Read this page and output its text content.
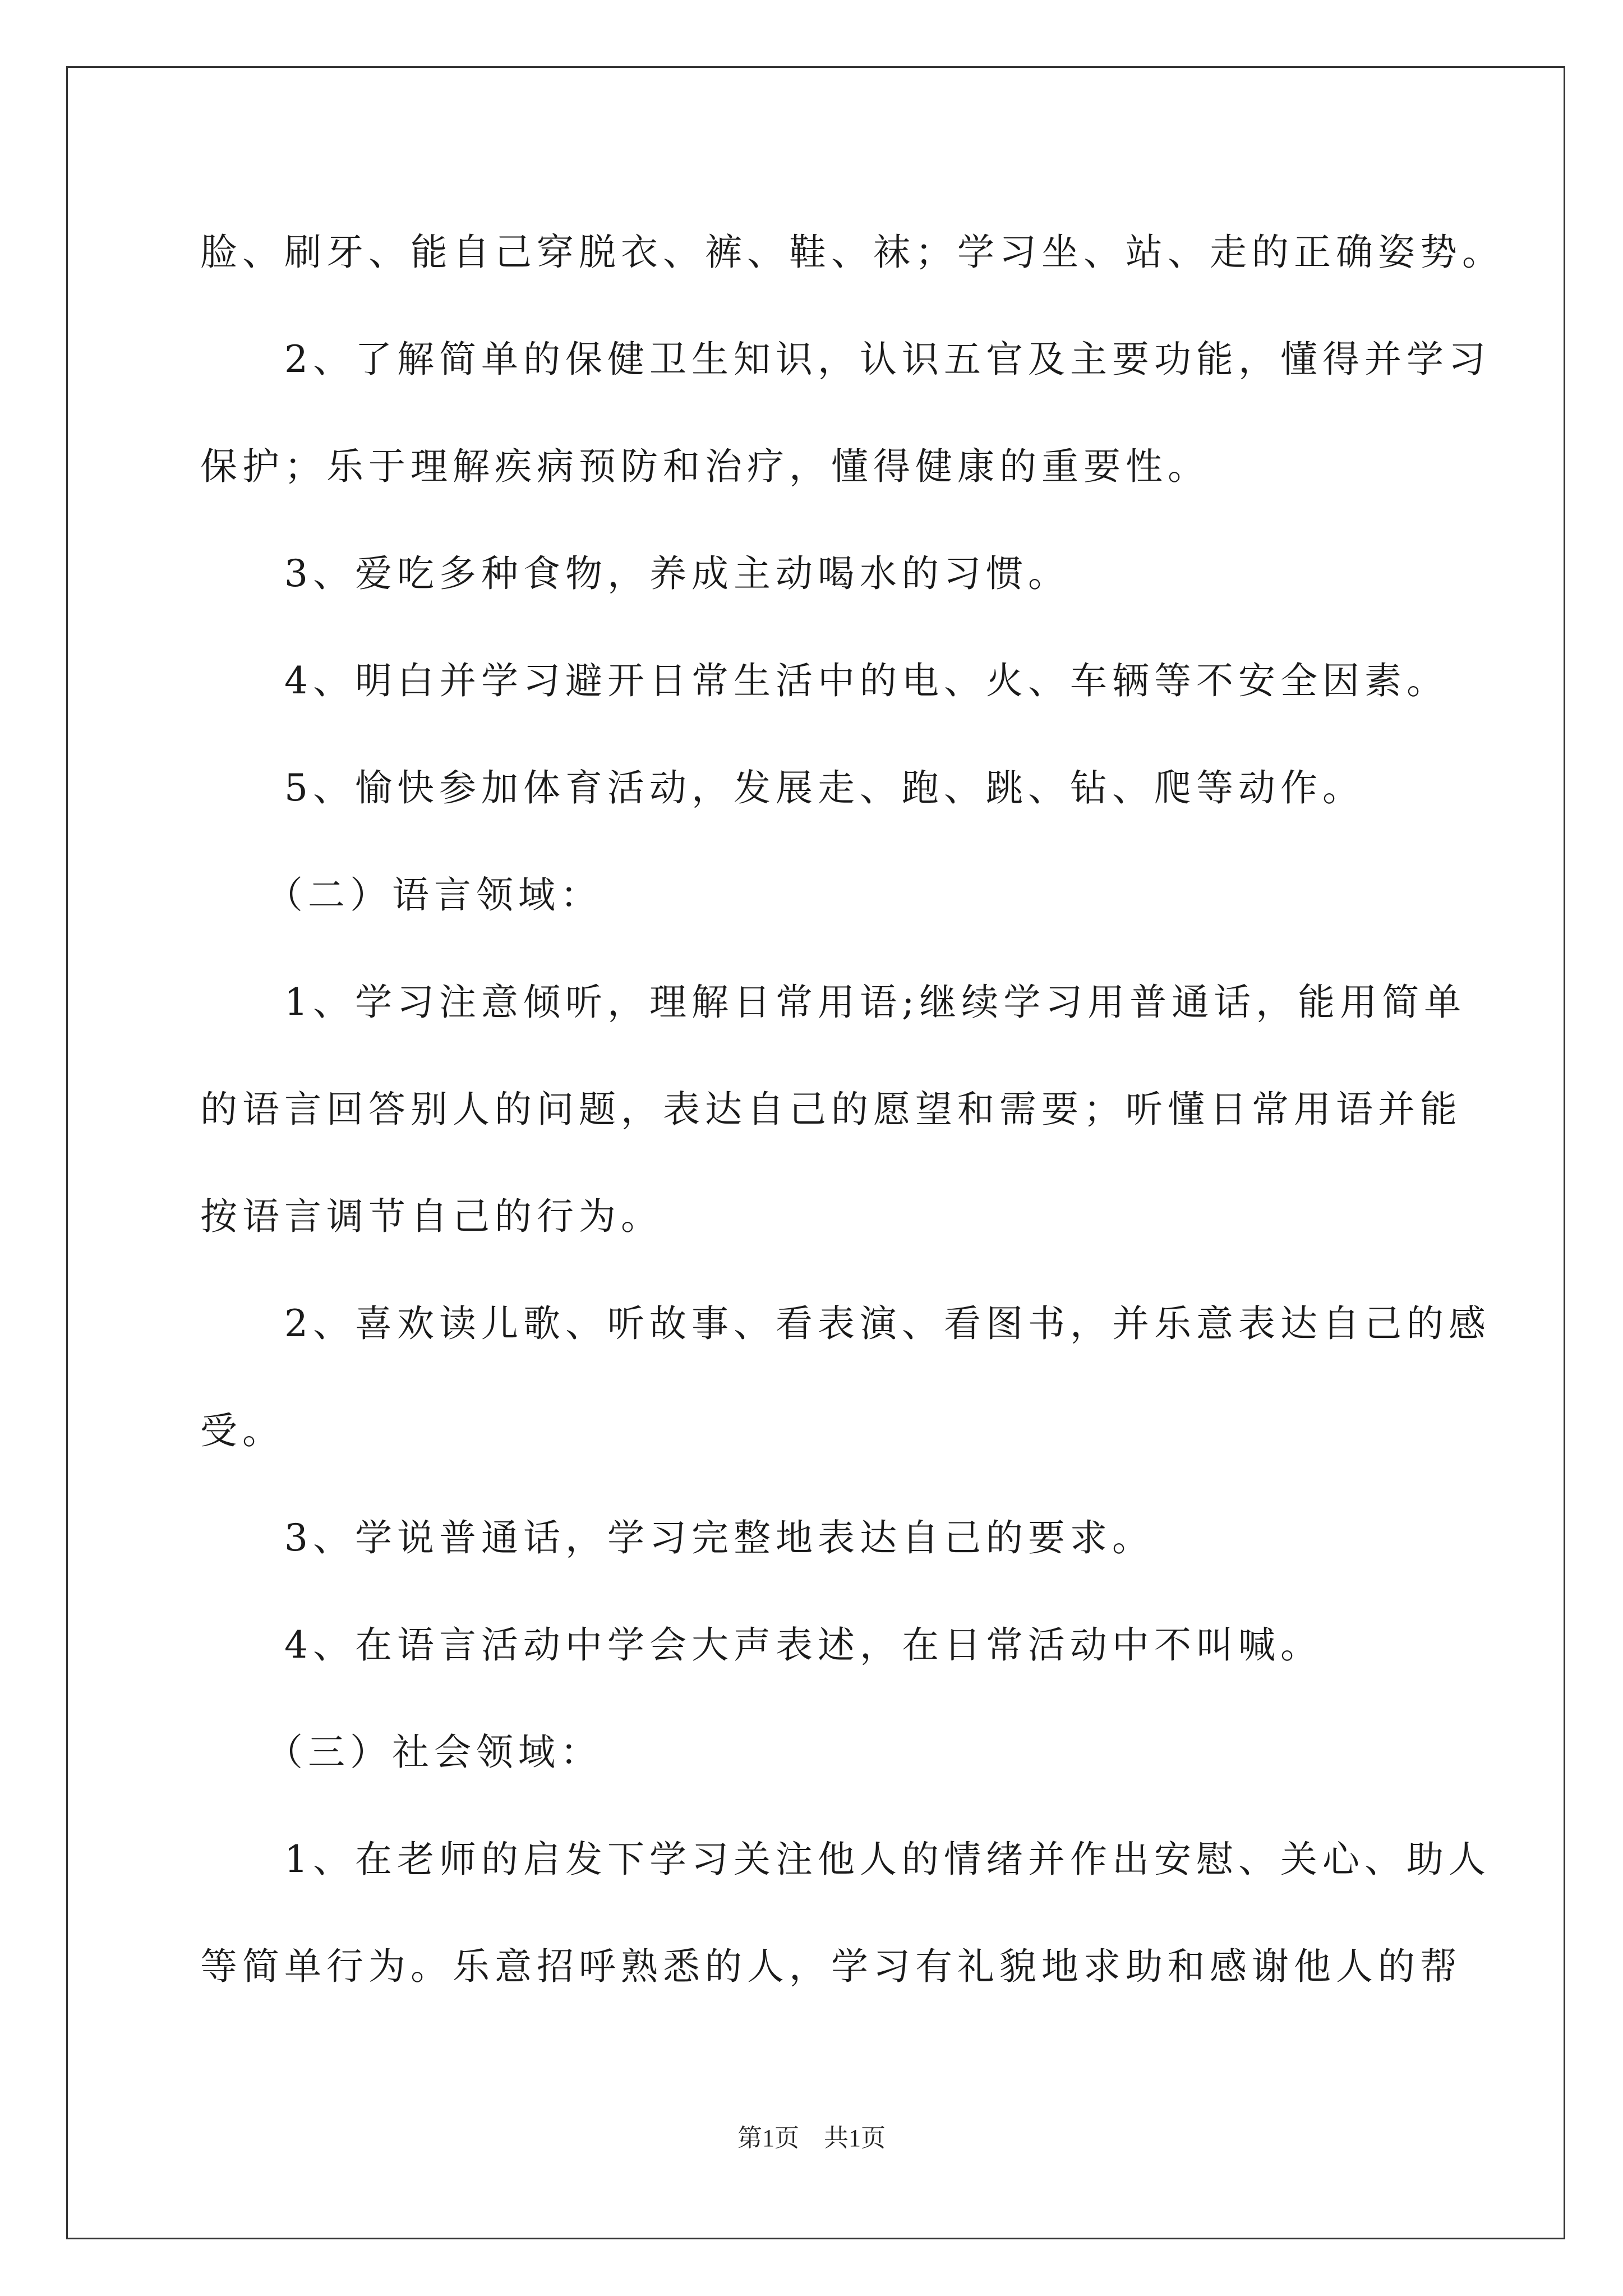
脸、刷牙、能自己穿脱衣、裤、鞋、袜；学习坐、站、走的正确姿势。
　　2、了解简单的保健卫生知识，认识五官及主要功能，懂得并学习
保护；乐于理解疾病预防和治疗，懂得健康的重要性。
　　3、爱吃多种食物，养成主动喝水的习惯。
　　4、明白并学习避开日常生活中的电、火、车辆等不安全因素。
　　5、愉快参加体育活动，发展走、跑、跳、钻、爬等动作。
　　（二）语言领域：
　　1、学习注意倾听，理解日常用语;继续学习用普通话，能用简单
的语言回答别人的问题，表达自己的愿望和需要；听懂日常用语并能
按语言调节自己的行为。
　　2、喜欢读儿歌、听故事、看表演、看图书，并乐意表达自己的感
受。
　　3、学说普通话，学习完整地表达自己的要求。
　　4、在语言活动中学会大声表述，在日常活动中不叫喊。
　　（三）社会领域：
　　1、在老师的启发下学习关注他人的情绪并作出安慰、关心、助人
等简单行为。乐意招呼熟悉的人，学习有礼貌地求助和感谢他人的帮
第1页　共1页
